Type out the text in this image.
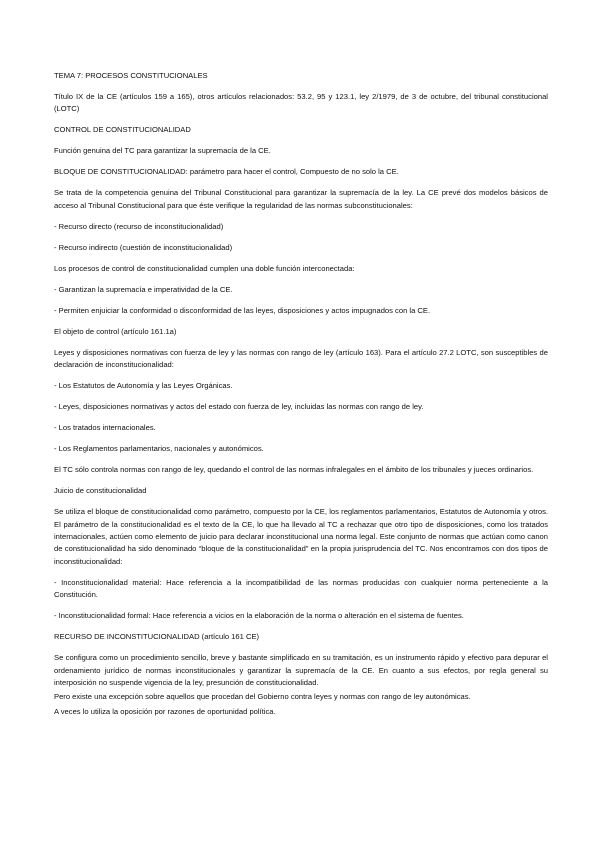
TEMA 7: PROCESOS CONSTITUCIONALES

Título IX de la CE (artículos 159 a 165), otros artículos relacionados: 53.2, 95 y 123.1, ley 2/1979, de 3 de octubre, del tribunal constitucional (LOTC)

CONTROL DE CONSTITUCIONALIDAD

Función genuina del TC para garantizar la supremacía de la CE.

BLOQUE DE CONSTITUCIONALIDAD: parámetro para hacer el control, Compuesto de no solo la CE.

Se trata de la competencia genuina del Tribunal Constitucional para garantizar la supremacía de la ley. La CE prevé dos modelos básicos de acceso al Tribunal Constitucional para que éste verifique la regularidad de las normas subconstitucionales:

- Recurso directo (recurso de inconstitucionalidad)

- Recurso indirecto (cuestión de inconstitucionalidad)

Los procesos de control de constitucionalidad cumplen una doble función interconectada:

- Garantizan la supremacía e imperatividad de la CE.

- Permiten enjuiciar la conformidad o disconformidad de las leyes, disposiciones y actos impugnados con la CE.

El objeto de control (artículo 161.1a)

Leyes y disposiciones normativas con fuerza de ley y las normas con rango de ley (artículo 163). Para el artículo 27.2 LOTC, son susceptibles de declaración de inconstitucionalidad:

- Los Estatutos de Autonomía y las Leyes Orgánicas.

- Leyes, disposiciones normativas y actos del estado con fuerza de ley, incluidas las normas con rango de ley.

- Los tratados internacionales.

- Los Reglamentos parlamentarios, nacionales y autonómicos.

El TC sólo controla normas con rango de ley, quedando el control de las normas infralegales en el ámbito de los tribunales y jueces ordinarios.

Juicio de constitucionalidad

Se utiliza el bloque de constitucionalidad como parámetro, compuesto por la CE, los reglamentos parlamentarios, Estatutos de Autonomía y otros. El parámetro de la constitucionalidad es el texto de la CE, lo que ha llevado al TC a rechazar que otro tipo de disposiciones, como los tratados internacionales, actúen como elemento de juicio para declarar inconstitucional una norma legal. Este conjunto de normas que actúan como canon de constitucionalidad ha sido denominado “bloque de la constitucionalidad” en la propia jurisprudencia del TC. Nos encontramos con dos tipos de inconstitucionalidad:

- Inconstitucionalidad material: Hace referencia a la incompatibilidad de las normas producidas con cualquier norma perteneciente a la Constitución.

- Inconstitucionalidad formal: Hace referencia a vicios en la elaboración de la norma o alteración en el sistema de fuentes.

RECURSO DE INCONSTITUCIONALIDAD (artículo 161 CE)

Se configura como un procedimiento sencillo, breve y bastante simplificado en su tramitación, es un instrumento rápido y efectivo para depurar el ordenamiento jurídico de normas inconstitucionales y garantizar la supremacía de la CE. En cuanto a sus efectos, por regla general su interposición no suspende vigencia de la ley, presunción de constitucionalidad.

Pero existe una excepción sobre aquellos que procedan del Gobierno contra leyes y normas con rango de ley autonómicas.

A veces lo utiliza la oposición por razones de oportunidad política.
